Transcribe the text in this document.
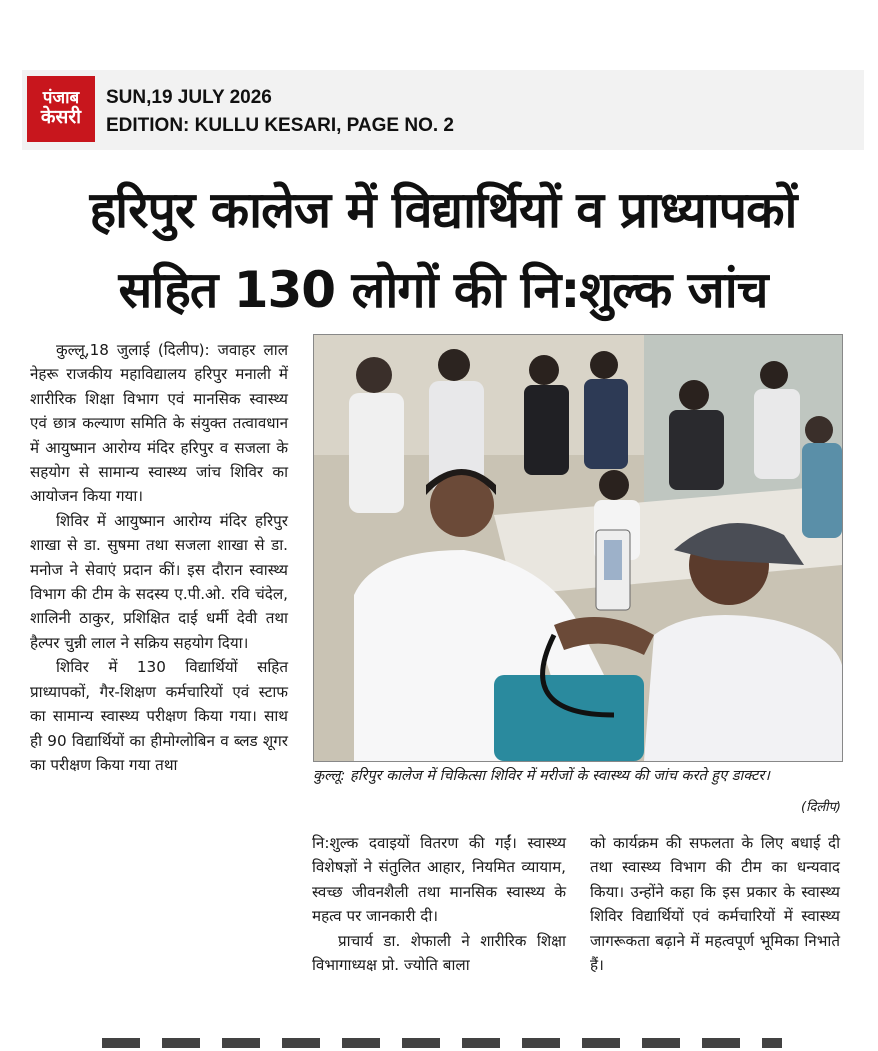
पंजाब
केसरी
SUN,19 JULY 2026
EDITION: KULLU KESARI, PAGE NO. 2
हरिपुर कालेज में विद्यार्थियों व प्राध्यापकों
सहित 130 लोगों की नि:शुल्क जांच

कुल्लू,18 जुलाई (दिलीप): जवाहर लाल नेहरू राजकीय महाविद्यालय हरिपुर मनाली में शारीरिक शिक्षा विभाग एवं मानसिक स्वास्थ्य एवं छात्र कल्याण समिति के संयुक्त तत्वावधान में आयुष्मान आरोग्य मंदिर हरिपुर व सजला के सहयोग से सामान्य स्वास्थ्य जांच शिविर का आयोजन किया गया।

शिविर में आयुष्मान आरोग्य मंदिर हरिपुर शाखा से डा. सुषमा तथा सजला शाखा से डा. मनोज ने सेवाएं प्रदान कीं। इस दौरान स्वास्थ्य विभाग की टीम के सदस्य ए.पी.ओ. रवि चंदेल, शालिनी ठाकुर, प्रशिक्षित दाई धर्मी देवी तथा हैल्पर चुन्नी लाल ने सक्रिय सहयोग दिया।

शिविर में 130 विद्यार्थियों सहित प्राध्यापकों, गैर-शिक्षण कर्मचारियों एवं स्टाफ का सामान्य स्वास्थ्य परीक्षण किया गया। साथ ही 90 विद्यार्थियों का हीमोग्लोबिन व ब्लड शूगर का परीक्षण किया गया तथा

कुल्लू: हरिपुर कालेज में चिकित्सा शिविर में मरीजों के स्वास्थ्य की जांच करते हुए डाक्टर।
(दिलीप)

नि:शुल्क दवाइयों वितरण की गईं। स्वास्थ्य विशेषज्ञों ने संतुलित आहार, नियमित व्यायाम, स्वच्छ जीवनशैली तथा मानसिक स्वास्थ्य के महत्व पर जानकारी दी।

प्राचार्य डा. शेफाली ने शारीरिक शिक्षा विभागाध्यक्ष प्रो. ज्योति बाला

को कार्यक्रम की सफलता के लिए बधाई दी तथा स्वास्थ्य विभाग की टीम का धन्यवाद किया। उन्होंने कहा कि इस प्रकार के स्वास्थ्य शिविर विद्यार्थियों एवं कर्मचारियों में स्वास्थ्य जागरूकता बढ़ाने में महत्वपूर्ण भूमिका निभाते हैं।
